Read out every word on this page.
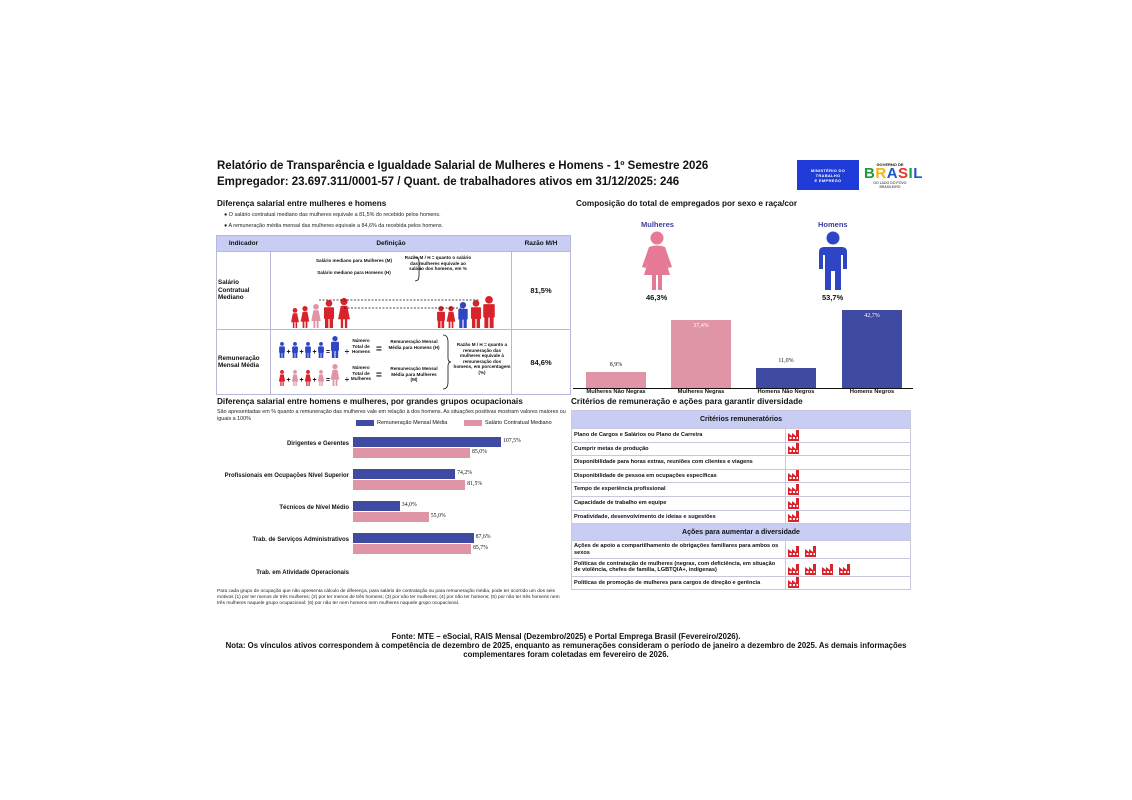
Relatório de Transparência e Igualdade Salarial de Mulheres e Homens - 1º Semestre 2026
Empregador: 23.697.311/0001-57 / Quant. de trabalhadores ativos em 31/12/2025: 246
MINISTÉRIO DO
TRABALHO
E EMPREGO
GOVERNO DE
BRASIL
DO LADO DO POVO BRASILEIRO
Diferença salarial entre mulheres e homens
● O salário contratual mediano das mulheres equivale a 81,5% do recebido pelos homens.
● A remuneração média mensal das mulheres equivale a 84,6% da recebida pelos homens.
Indicador	Definição	Razão M/H
Salário Contratual Mediano
Salário mediano para Mulheres (M)
Salário mediano para Homens (H)
Razão M / H = quanto o salário das mulheres equivale ao salário dos homens, em %
81,5%
Remuneração Mensal Média
+
+
+
+
+
+
=
=
÷
÷
Número Total de Homens
Número Total de Mulheres
=
=
Remuneração Mensal Média para Homens (H)
Remuneração Mensal Média para Mulheres (M)
Razão M / H = quanto a remuneração das mulheres equivale à remuneração dos homens, em porcentagem (%)
84,6%
Diferença salarial entre homens e mulheres, por grandes grupos ocupacionais
São apresentadas em % quanto a remuneração das mulheres vale em relação à dos homens. As situações positivas mostram valores maiores ou iguais a 100%
Remuneração Mensal Média	Salário Contratual Mediano
Dirigentes e Gerentes	107,5%
85,0%
Profissionais em Ocupações Nível Superior	74,2%
81,5%
Técnicos de Nível Médio	34,0%
55,0%
Trab. de Serviços Administrativos	87,6%
85,7%
Trab. em Atividade Operacionais
Para cada grupo de ocupação que não apresenta cálculo de diferença, para salário de contratação ou para remuneração média, pode ter ocorrido um dos seis motivos (1) por ter menos de três mulheres; (2) por ter menos de três homens; (3) por não ter mulheres; (4) por não ter homens; (5) por não ter três homens nem três mulheres naquele grupo ocupacional; (6) por não ter nem homens nem mulheres naquele grupo ocupacional.
Composição do total de empregados por sexo e raça/cor
Mulheres	Homens
46,3%	53,7%
8,9%
Mulheres Não Negras
37,4%
Mulheres Negras
11,0%
Homens Não Negros
42,7%
Homens Negros
Critérios de remuneração e ações para garantir diversidade
Critérios remuneratórios
Plano de Cargos e Salários ou Plano de Carreira
Cumprir metas de produção
Disponibilidade para horas extras, reuniões com clientes e viagens
Disponibilidade de pessoa em ocupações específicas
Tempo de experiência profissional
Capacidade de trabalho em equipe
Proatividade, desenvolvimento de ideias e sugestões
Ações para aumentar a diversidade
Ações de apoio a compartilhamento de obrigações familiares para ambos os sexos
Políticas de contratação de mulheres (negras, com deficiência, em situação de violência, chefes de família, LGBTQIA+, indígenas)
Políticas de promoção de mulheres para cargos de direção e gerência
Fonte: MTE – eSocial, RAIS Mensal (Dezembro/2025) e Portal Emprega Brasil (Fevereiro/2026).
Nota: Os vínculos ativos correspondem à competência de dezembro de 2025, enquanto as remunerações consideram o período de janeiro a dezembro de 2025. As demais informações complementares foram coletadas em fevereiro de 2026.
